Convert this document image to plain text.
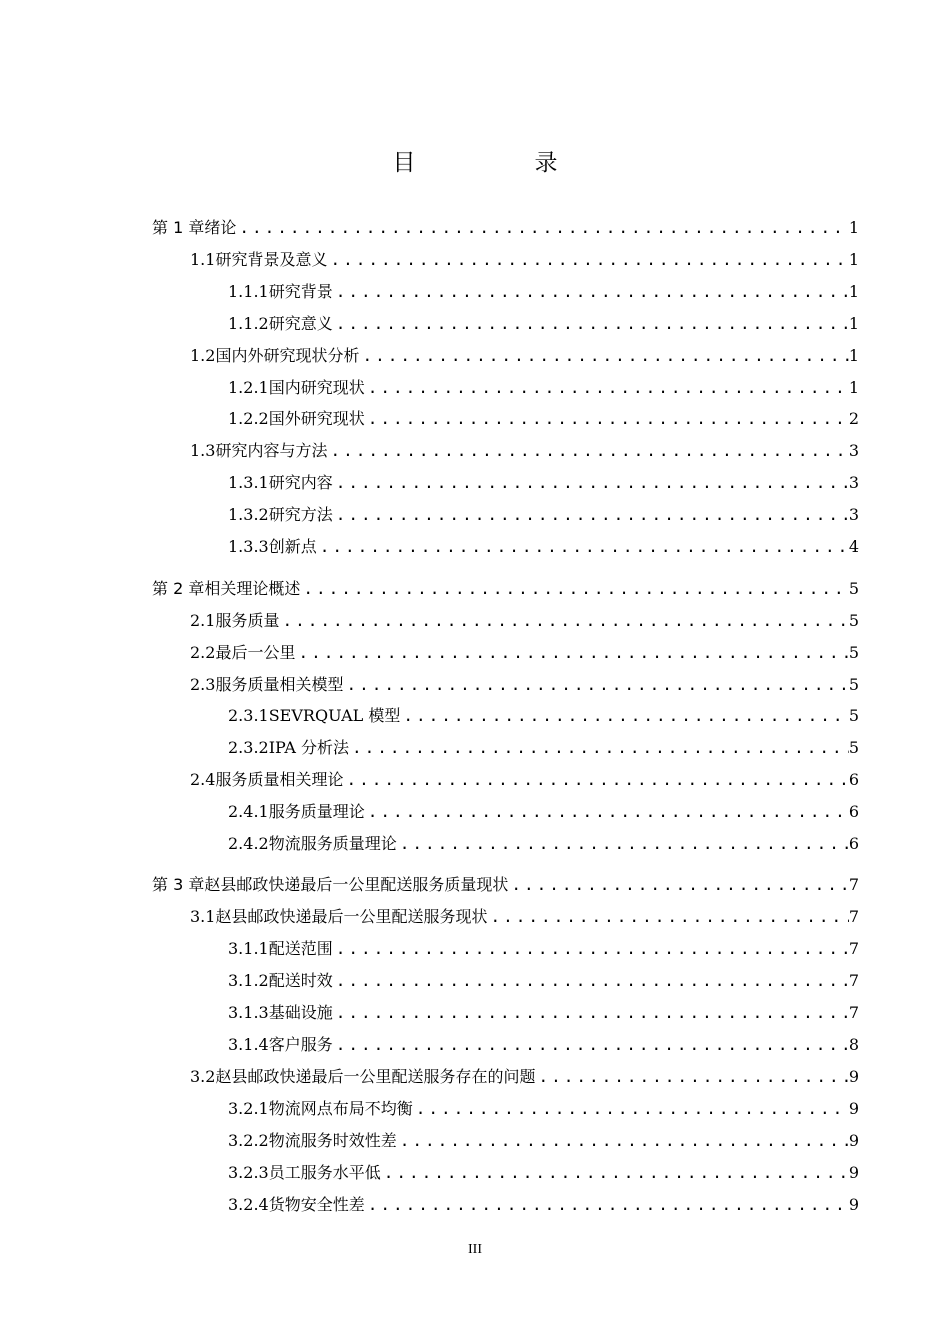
目　录
第 1 章 绪论 .....	1
1.1 研究背景及意义 .....	1
1.1.1 研究背景 .....	1
1.1.2 研究意义 .....	1
1.2 国内外研究现状分析 .....	1
1.2.1 国内研究现状 .....	1
1.2.2 国外研究现状 .....	2
1.3 研究内容与方法 .....	3
1.3.1 研究内容 .....	3
1.3.2 研究方法 .....	3
1.3.3 创新点 .....	4
第 2 章 相关理论概述 .....	5
2.1 服务质量 .....	5
2.2 最后一公里 .....	5
2.3 服务质量相关模型 .....	5
2.3.1 SEVRQUAL 模型 .....	5
2.3.2 IPA 分析法 .....	5
2.4 服务质量相关理论 .....	6
2.4.1 服务质量理论 .....	6
2.4.2 物流服务质量理论 .....	6
第 3 章 赵县邮政快递最后一公里配送服务质量现状 .....	7
3.1 赵县邮政快递最后一公里配送服务现状 .....	7
3.1.1 配送范围 .....	7
3.1.2 配送时效 .....	7
3.1.3 基础设施 .....	7
3.1.4 客户服务 .....	8
3.2 赵县邮政快递最后一公里配送服务存在的问题 .....	9
3.2.1 物流网点布局不均衡 .....	9
3.2.2 物流服务时效性差 .....	9
3.2.3 员工服务水平低 .....	9
3.2.4 货物安全性差 .....	9
III
